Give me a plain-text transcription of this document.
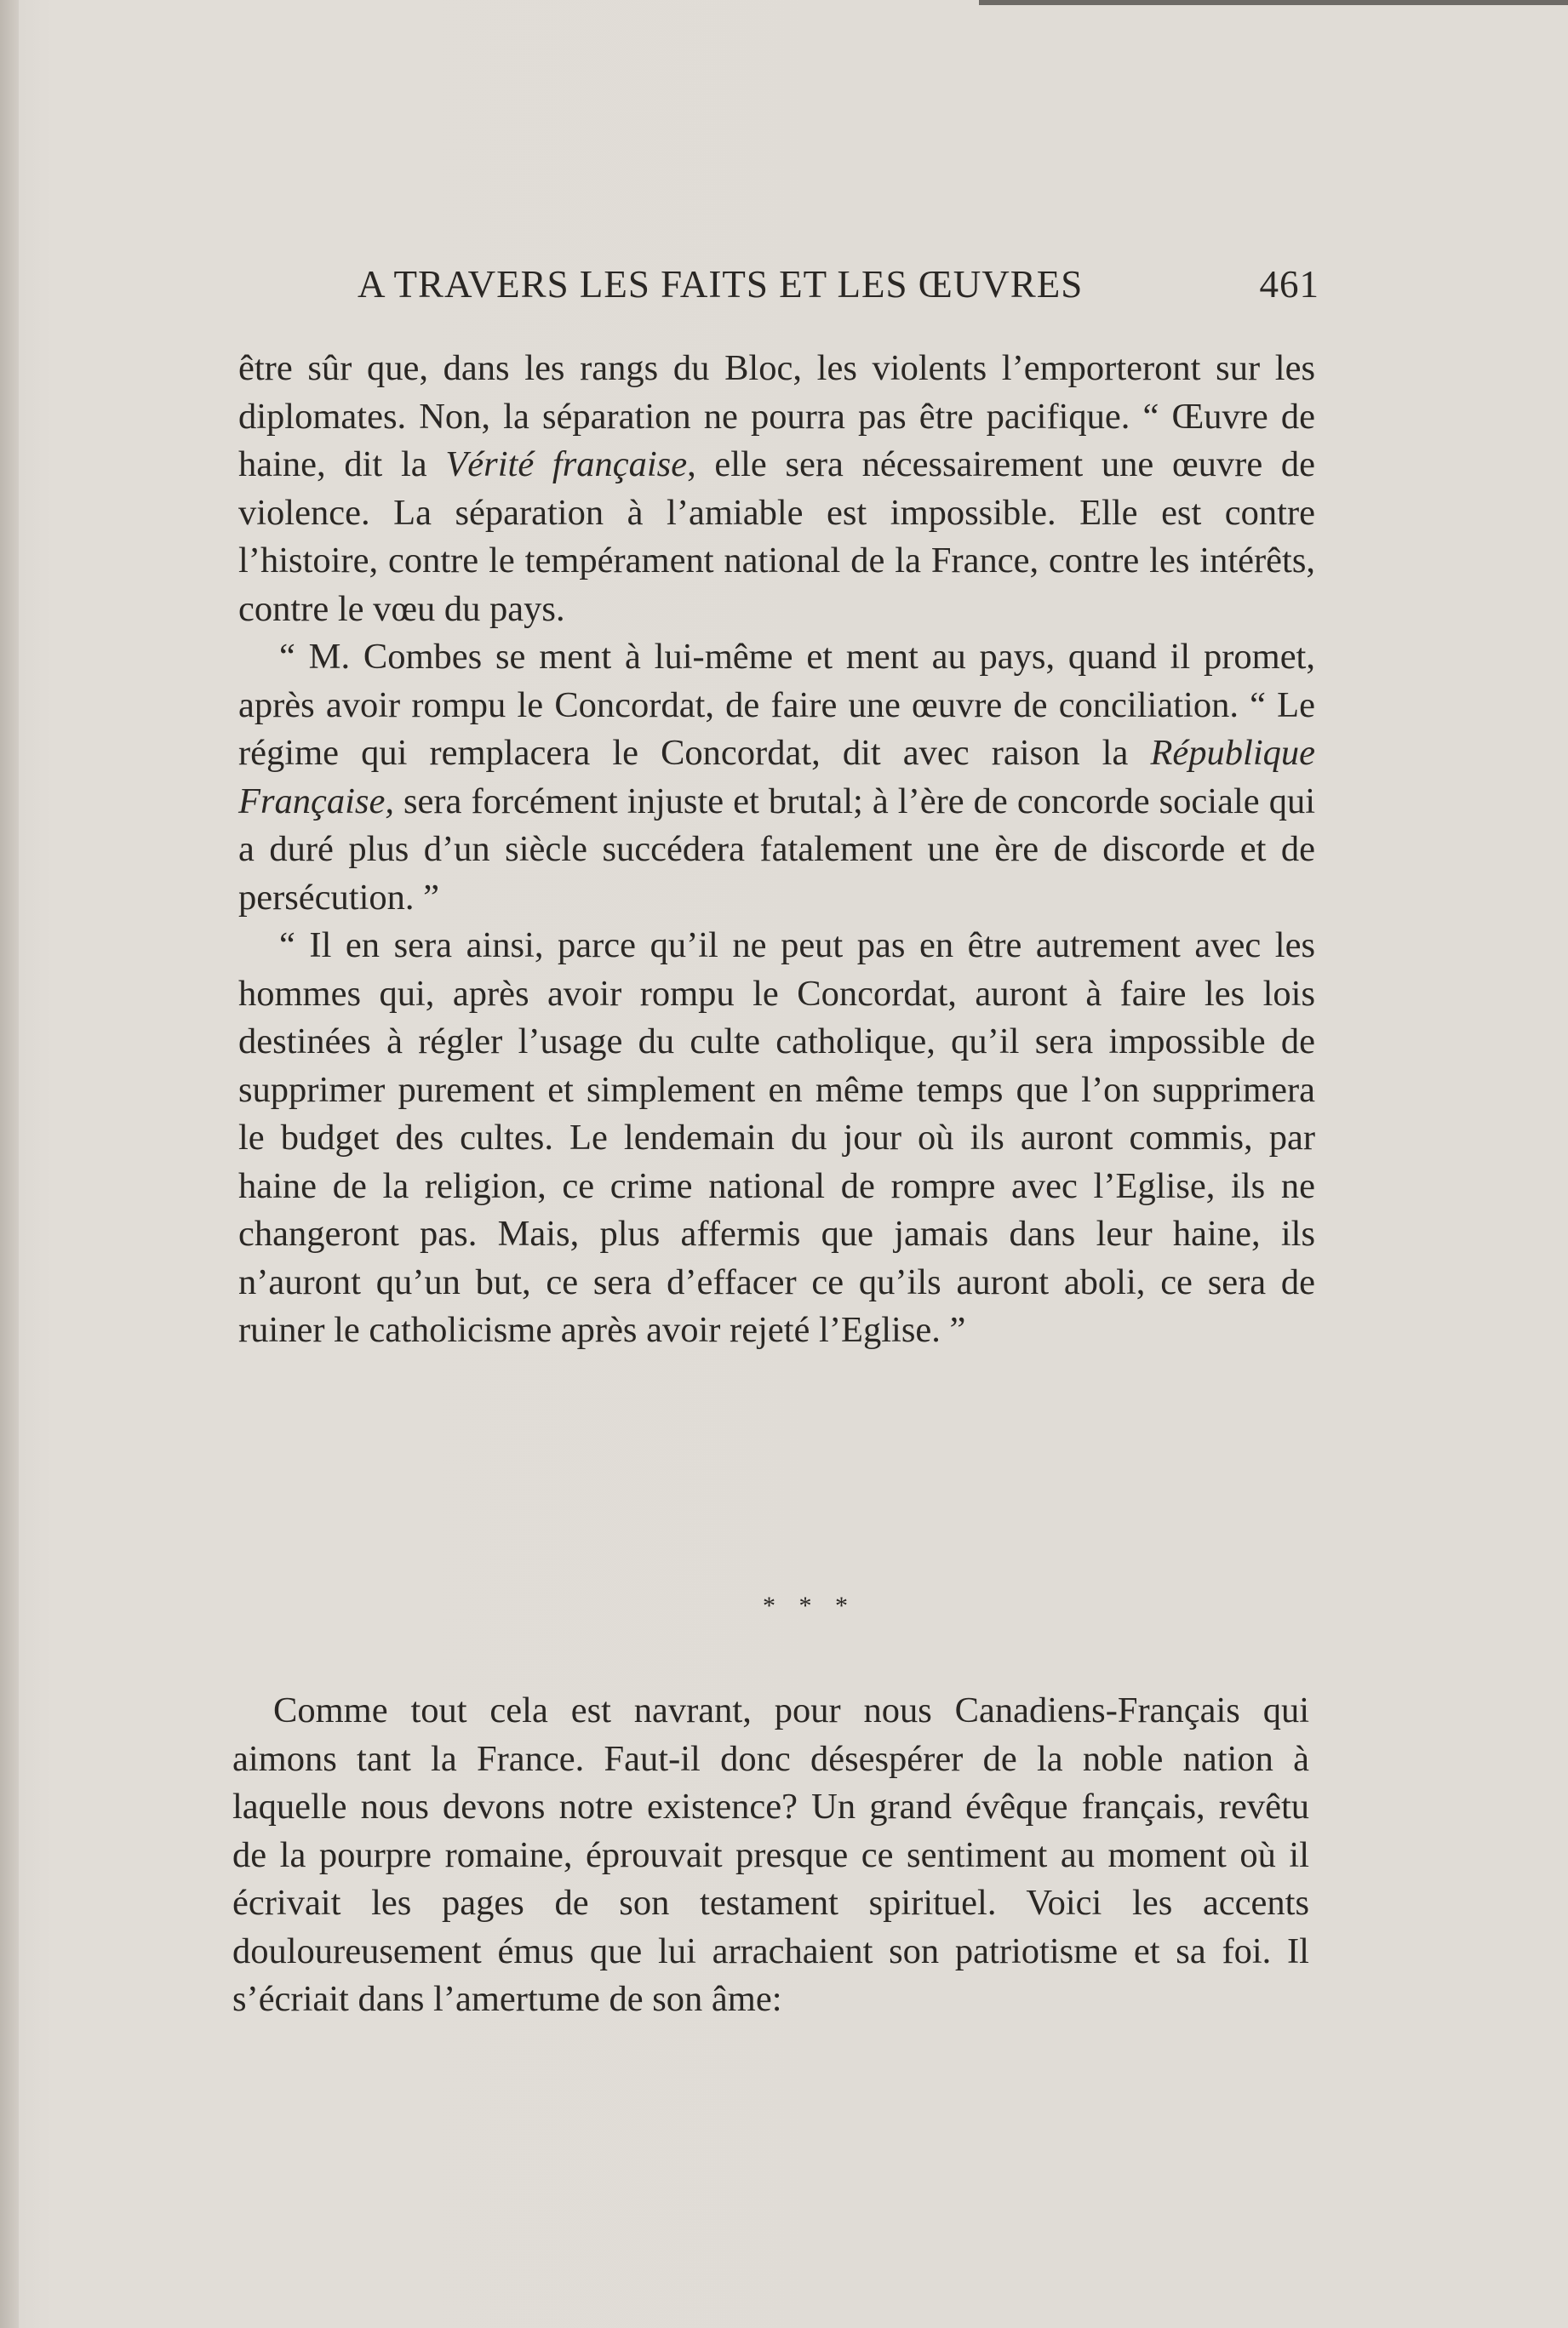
A TRAVERS LES FAITS ET LES ŒUVRES	461

être sûr que, dans les rangs du Bloc, les violents l’emporteront sur les diplomates. Non, la séparation ne pourra pas être pacifique. “ Œuvre de haine, dit la Vérité française, elle sera nécessairement une œuvre de violence. La séparation à l’amiable est impossible. Elle est contre l’histoire, contre le tempérament national de la France, contre les intérêts, contre le vœu du pays.

“ M. Combes se ment à lui-même et ment au pays, quand il promet, après avoir rompu le Concordat, de faire une œuvre de conciliation. “ Le régime qui remplacera le Concordat, dit avec raison la République Française, sera forcément injuste et brutal; à l’ère de concorde sociale qui a duré plus d’un siècle succédera fatalement une ère de discorde et de persécution. ”

“ Il en sera ainsi, parce qu’il ne peut pas en être autrement avec les hommes qui, après avoir rompu le Concordat, auront à faire les lois destinées à régler l’usage du culte catholique, qu’il sera impossible de supprimer purement et simplement en même temps que l’on supprimera le budget des cultes. Le lendemain du jour où ils auront commis, par haine de la religion, ce crime national de rompre avec l’Eglise, ils ne changeront pas. Mais, plus affermis que jamais dans leur haine, ils n’auront qu’un but, ce sera d’effacer ce qu’ils auront aboli, ce sera de ruiner le catholicisme après avoir rejeté l’Eglise. ”

* * *

Comme tout cela est navrant, pour nous Canadiens-Français qui aimons tant la France. Faut-il donc désespérer de la noble nation à laquelle nous devons notre existence? Un grand évêque français, revêtu de la pourpre romaine, éprouvait presque ce sentiment au moment où il écrivait les pages de son testament spirituel. Voici les accents douloureusement émus que lui arrachaient son patriotisme et sa foi. Il s’écriait dans l’amertume de son âme:
